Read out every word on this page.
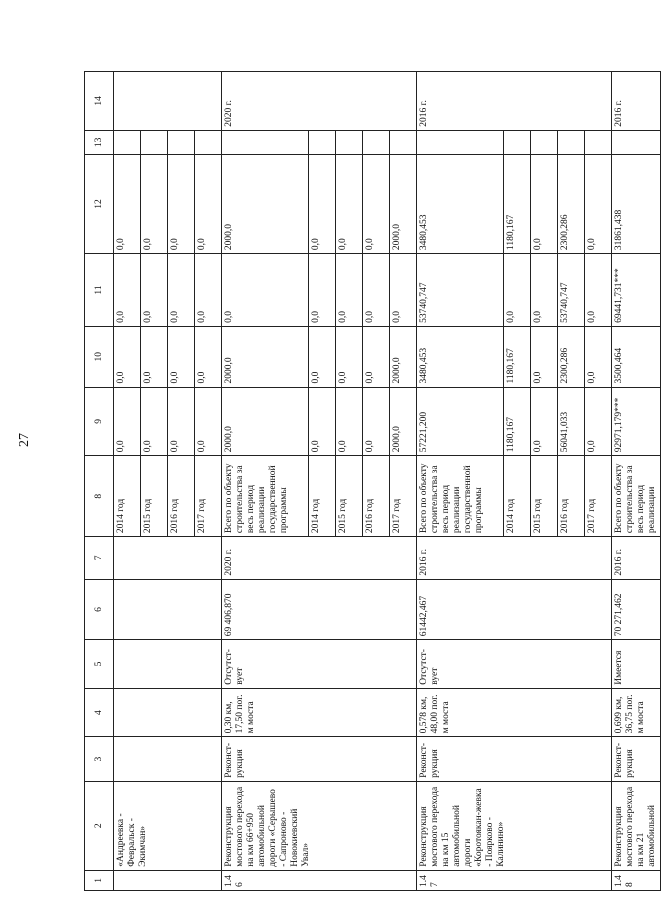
27
1	2	3	4	5	6	7	8	9	10	11	12	13	14
	«Андреевка - Февральск - Экимчан»						2014 год	0,0	0,0	0,0	0,0		
							2015 год	0,0	0,0	0,0	0,0		
							2016 год	0,0	0,0	0,0	0,0		
							2017 год	0,0	0,0	0,0	0,0		
1.46	Реконструкция мостового перехода на км 66+950 автомобильной дороги «Серышево - Сапроново - Новокиевский Увал»	Реконст-рукция	0,30 км, 17,50 пог. м моста	Отсутст-вует	69 406,870	2020 г.	Всего по объекту строительства за весь период реализации государственной программы	2000,0	2000,0	0,0	2000,0		2020 г.
							2014 год	0,0	0,0	0,0	0,0		
							2015 год	0,0	0,0	0,0	0,0		
							2016 год	0,0	0,0	0,0	0,0		
							2017 год	2000,0	2000,0	0,0	2000,0		
1.47	Реконструкция мостового перехода на км 15 автомобильной дороги «Коротоякан-жевка - Поярково - Калинино»	Реконст-рукция	0,578 км, 48,00 пог. м моста	Отсутст-вует	61442,467	2016 г.	Всего по объекту строительства за весь период реализации государственной программы	57221,200	3480,453	53740,747	3480,453		2016 г.
							2014 год	1180,167	1180,167	0,0	1180,167		
							2015 год	0,0	0,0	0,0	0,0		
							2016 год	56041,033	2300,286	53740,747	2300,286		
							2017 год	0,0	0,0	0,0	0,0		
1.48	Реконструкция мостового перехода на км 21 автомобильной	Реконст-рукция	0,699 км, 36,75 пог. м моста	Имеется	70 271,462	2016 г.	Всего по объекту строительства за весь период реализации	92971,179***	3500,464	69441,731***	31861,438		2016 г.
